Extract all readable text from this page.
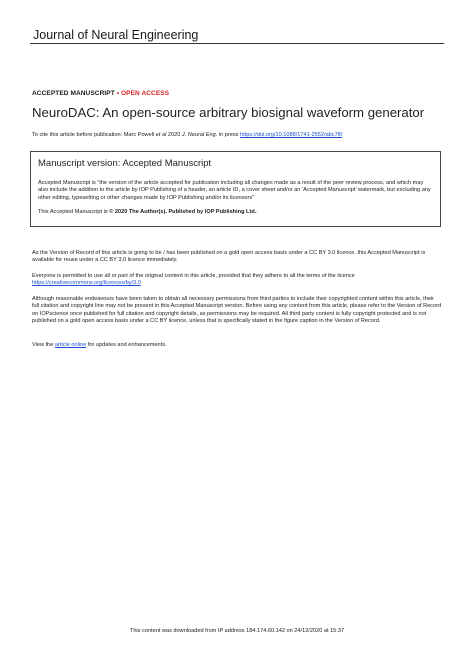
Journal of Neural Engineering
ACCEPTED MANUSCRIPT • OPEN ACCESS
NeuroDAC: An open-source arbitrary biosignal waveform generator
To cite this article before publication: Marc Powell et al 2020 J. Neural Eng. in press https://doi.org/10.1088/1741-2552/abc7f0
Manuscript version: Accepted Manuscript
Accepted Manuscript is “the version of the article accepted for publication including all changes made as a result of the peer review process, and which may also include the addition to the article by IOP Publishing of a header, an article ID, a cover sheet and/or an ‘Accepted Manuscript’ watermark, but excluding any other editing, typesetting or other changes made by IOP Publishing and/or its licensors”
This Accepted Manuscript is © 2020 The Author(s). Published by IOP Publishing Ltd..
As the Version of Record of this article is going to be / has been published on a gold open access basis under a CC BY 3.0 licence, this Accepted Manuscript is available for reuse under a CC BY 3.0 licence immediately.
Everyone is permitted to use all or part of the original content in this article, provided that they adhere to all the terms of the licence
https://creativecommons.org/licences/by/3.0
Although reasonable endeavours have been taken to obtain all necessary permissions from third parties to include their copyrighted content within this article, their full citation and copyright line may not be present in this Accepted Manuscript version. Before using any content from this article, please refer to the Version of Record on IOPscience once published for full citation and copyright details, as permissions may be required. All third party content is fully copyright protected and is not published on a gold open access basis under a CC BY licence, unless that is specifically stated in the figure caption in the Version of Record.
View the article online for updates and enhancements.
This content was downloaded from IP address 184.174.60.142 on 24/12/2020 at 15:37
